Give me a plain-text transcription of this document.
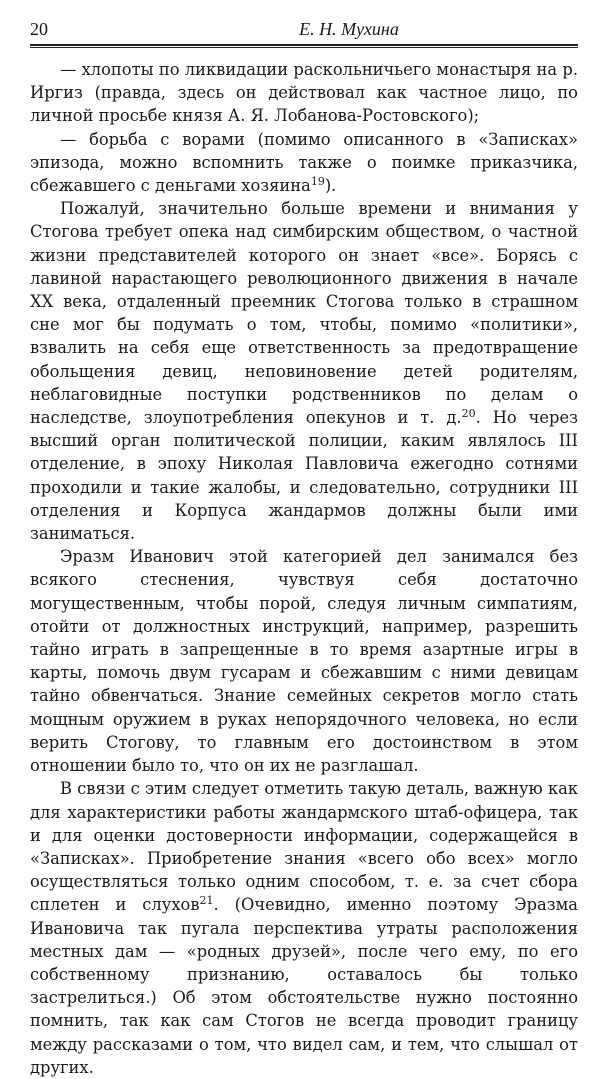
20	Е. Н. Мухина

— хлопоты по ликвидации раскольничьего монастыря на р. Иргиз (правда, здесь он действовал как частное лицо, по личной просьбе князя А. Я. Лобанова-Ростовского);

— борьба с ворами (помимо описанного в «Записках» эпизода, можно вспомнить также о поимке приказчика, сбежавшего с деньгами хозяина$^{19}$).

Пожалуй, значительно больше времени и внимания у Стогова требует опека над симбирским обществом, о частной жизни представителей которого он знает «все». Борясь с лавиной нарастающего революционного движения в начале XX века, отдаленный преемник Стогова только в страшном сне мог бы подумать о том, чтобы, помимо «политики», взвалить на себя еще ответственность за предотвращение обольщения девиц, неповиновение детей родителям, неблаговидные поступки родственников по делам о наследстве, злоупотребления опекунов и т. д.$^{20}$. Но через высший орган политической полиции, каким являлось III отделение, в эпоху Николая Павловича ежегодно сотнями проходили и такие жалобы, и следовательно, сотрудники III отделения и Корпуса жандармов должны были ими заниматься.

Эразм Иванович этой категорией дел занимался без всякого стеснения, чувствуя себя достаточно могущественным, чтобы порой, следуя личным симпатиям, отойти от должностных инструкций, например, разрешить тайно играть в запрещенные в то время азартные игры в карты, помочь двум гусарам и сбежавшим с ними девицам тайно обвенчаться. Знание семейных секретов могло стать мощным оружием в руках непорядочного человека, но если верить Стогову, то главным его достоинством в этом отношении было то, что он их не разглашал.

В связи с этим следует отметить такую деталь, важную как для характеристики работы жандармского штаб-офицера, так и для оценки достоверности информации, содержащейся в «Записках». Приобретение знания «всего обо всех» могло осуществляться только одним способом, т. е. за счет сбора сплетен и слухов$^{21}$. (Очевидно, именно поэтому Эразма Ивановича так пугала перспектива утраты расположения местных дам — «родных друзей», после чего ему, по его собственному признанию, оставалось бы только застрелиться.) Об этом обстоятельстве нужно постоянно помнить, так как сам Стогов не всегда проводит границу между рассказами о том, что видел сам, и тем, что слышал от других.
